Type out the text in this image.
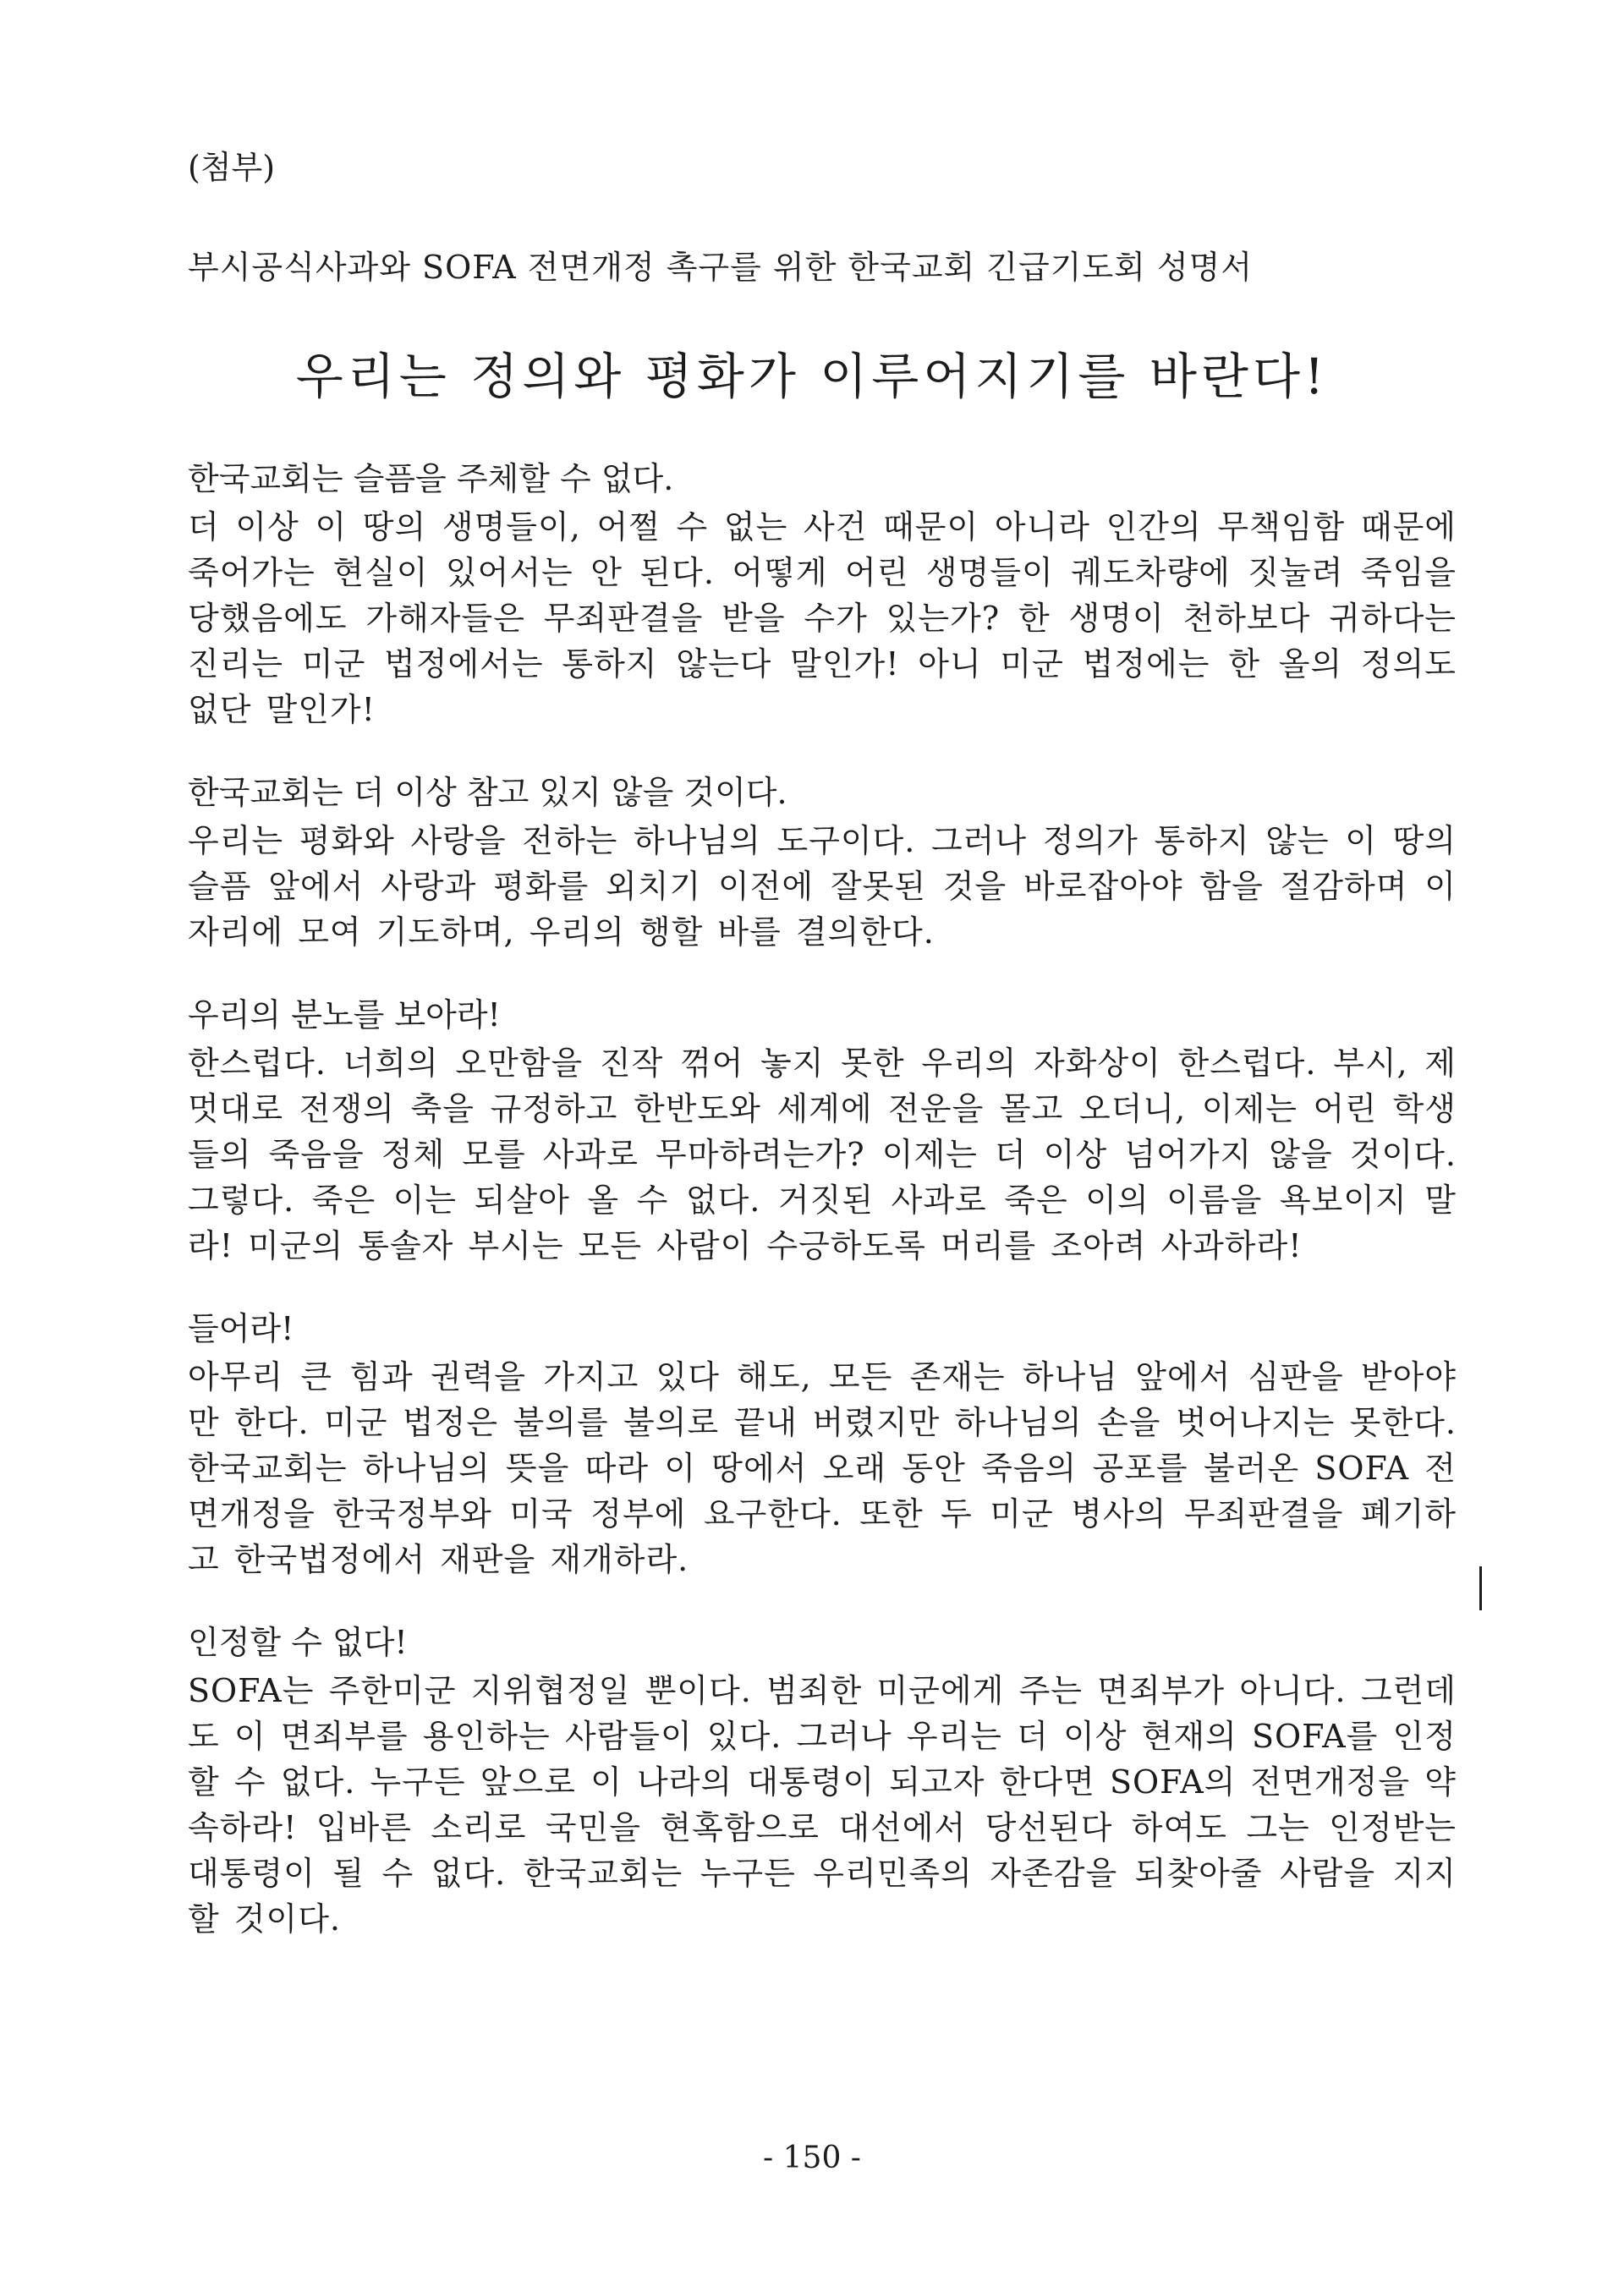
(첨부)

부시공식사과와 SOFA 전면개정 촉구를 위한 한국교회 긴급기도회 성명서

우리는 정의와 평화가 이루어지기를 바란다!

한국교회는 슬픔을 주체할 수 없다.

더 이상 이 땅의 생명들이, 어쩔 수 없는 사건 때문이 아니라 인간의 무책임함 때문에 죽어가는 현실이 있어서는 안 된다. 어떻게 어린 생명들이 궤도차량에 짓눌려 죽임을 당했음에도 가해자들은 무죄판결을 받을 수가 있는가? 한 생명이 천하보다 귀하다는 진리는 미군 법정에서는 통하지 않는다 말인가! 아니 미군 법정에는 한 올의 정의도 없단 말인가!

한국교회는 더 이상 참고 있지 않을 것이다.

우리는 평화와 사랑을 전하는 하나님의 도구이다. 그러나 정의가 통하지 않는 이 땅의 슬픔 앞에서 사랑과 평화를 외치기 이전에 잘못된 것을 바로잡아야 함을 절감하며 이 자리에 모여 기도하며, 우리의 행할 바를 결의한다.

우리의 분노를 보아라!

한스럽다. 너희의 오만함을 진작 꺾어 놓지 못한 우리의 자화상이 한스럽다. 부시, 제멋대로 전쟁의 축을 규정하고 한반도와 세계에 전운을 몰고 오더니, 이제는 어린 학생들의 죽음을 정체 모를 사과로 무마하려는가? 이제는 더 이상 넘어가지 않을 것이다. 그렇다. 죽은 이는 되살아 올 수 없다. 거짓된 사과로 죽은 이의 이름을 욕보이지 말라! 미군의 통솔자 부시는 모든 사람이 수긍하도록 머리를 조아려 사과하라!

들어라!

아무리 큰 힘과 권력을 가지고 있다 해도, 모든 존재는 하나님 앞에서 심판을 받아야만 한다. 미군 법정은 불의를 불의로 끝내 버렸지만 하나님의 손을 벗어나지는 못한다. 한국교회는 하나님의 뜻을 따라 이 땅에서 오래 동안 죽음의 공포를 불러온 SOFA 전면개정을 한국정부와 미국 정부에 요구한다. 또한 두 미군 병사의 무죄판결을 폐기하고 한국법정에서 재판을 재개하라.

인정할 수 없다!

SOFA는 주한미군 지위협정일 뿐이다. 범죄한 미군에게 주는 면죄부가 아니다. 그런데도 이 면죄부를 용인하는 사람들이 있다. 그러나 우리는 더 이상 현재의 SOFA를 인정할 수 없다. 누구든 앞으로 이 나라의 대통령이 되고자 한다면 SOFA의 전면개정을 약속하라! 입바른 소리로 국민을 현혹함으로 대선에서 당선된다 하여도 그는 인정받는 대통령이 될 수 없다. 한국교회는 누구든 우리민족의 자존감을 되찾아줄 사람을 지지할 것이다.

- 150 -
